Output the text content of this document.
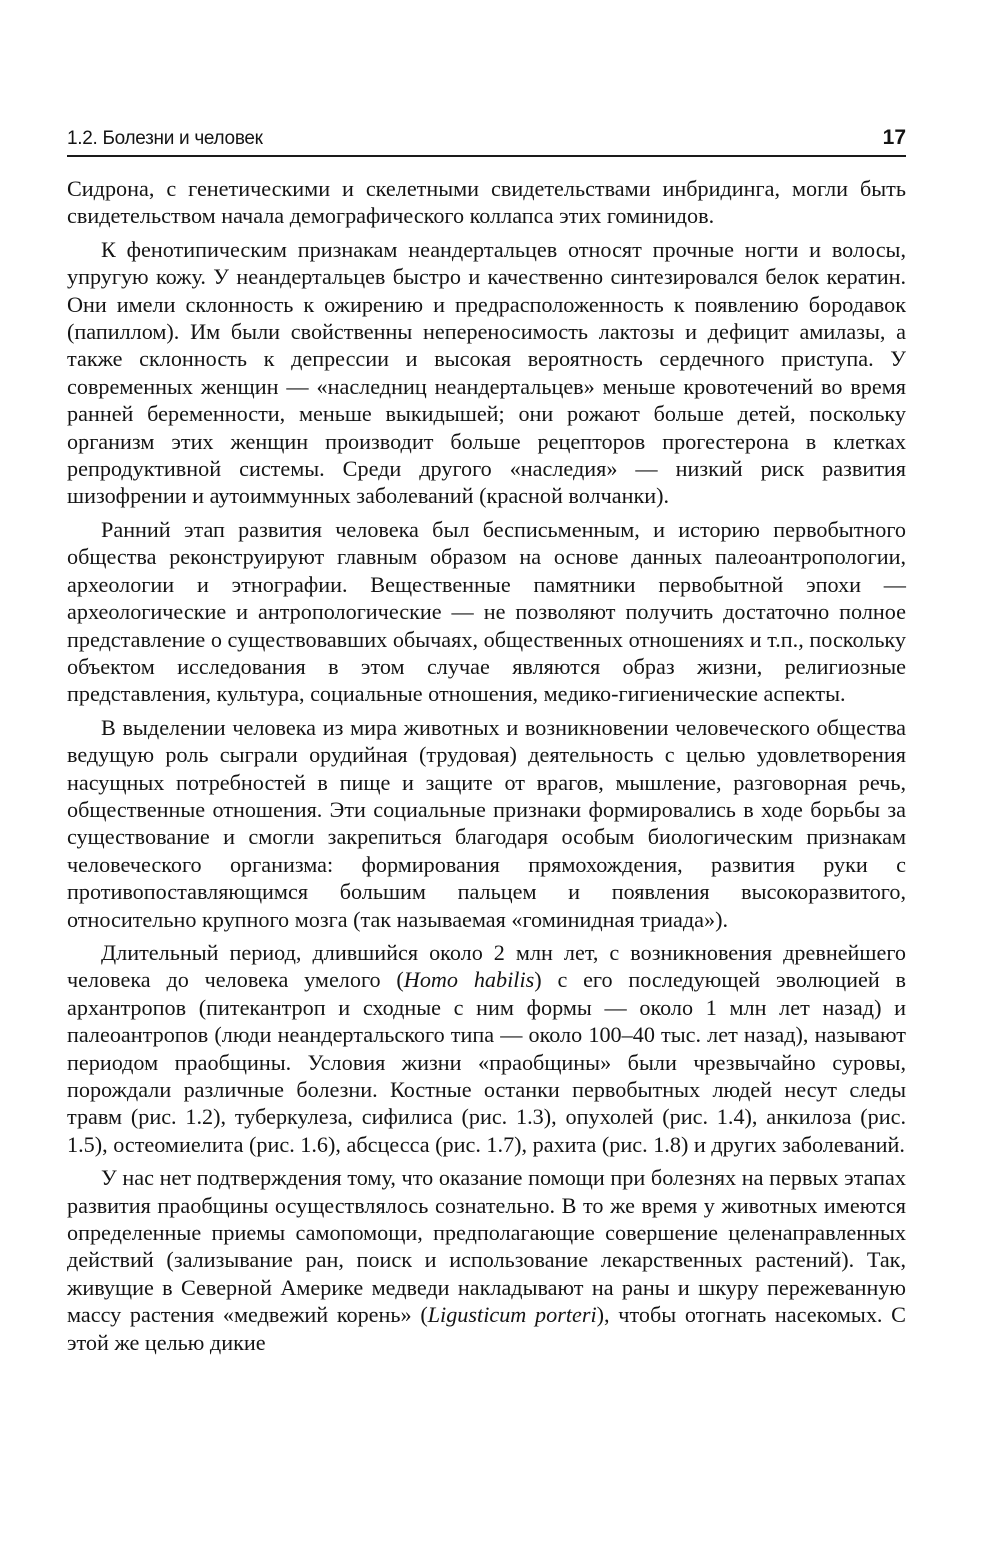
1.2. Болезни и человек	17

Сидрона, с генетическими и скелетными свидетельствами инбридинга, могли быть свидетельством начала демографического коллапса этих гоминидов.

К фенотипическим признакам неандертальцев относят прочные ногти и волосы, упругую кожу. У неандертальцев быстро и качественно синтезировался белок кератин. Они имели склонность к ожирению и предрасположенность к появлению бородавок (папиллом). Им были свойственны непереносимость лактозы и дефицит амилазы, а также склонность к депрессии и высокая вероятность сердечного приступа. У современных женщин — «наследниц неандертальцев» меньше кровотечений во время ранней беременности, меньше выкидышей; они рожают больше детей, поскольку организм этих женщин производит больше рецепторов прогестерона в клетках репродуктивной системы. Среди другого «наследия» — низкий риск развития шизофрении и аутоиммунных заболеваний (красной волчанки).

Ранний этап развития человека был бесписьменным, и историю первобытного общества реконструируют главным образом на основе данных палеоантропологии, археологии и этнографии. Вещественные памятники первобытной эпохи — археологические и антропологические — не позволяют получить достаточно полное представление о существовавших обычаях, общественных отношениях и т.п., поскольку объектом исследования в этом случае являются образ жизни, религиозные представления, культура, социальные отношения, медико-гигиенические аспекты.

В выделении человека из мира животных и возникновении человеческого общества ведущую роль сыграли орудийная (трудовая) деятельность с целью удовлетворения насущных потребностей в пище и защите от врагов, мышление, разговорная речь, общественные отношения. Эти социальные признаки формировались в ходе борьбы за существование и смогли закрепиться благодаря особым биологическим признакам человеческого организма: формирования прямохождения, развития руки с противопоставляющимся большим пальцем и появления высокоразвитого, относительно крупного мозга (так называемая «гоминидная триада»).

Длительный период, длившийся около 2 млн лет, с возникновения древнейшего человека до человека умелого (Homo habilis) с его последующей эволюцией в архантропов (питекантроп и сходные с ним формы — около 1 млн лет назад) и палеоантропов (люди неандертальского типа — около 100–40 тыс. лет назад), называют периодом праобщины. Условия жизни «праобщины» были чрезвычайно суровы, порождали различные болезни. Костные останки первобытных людей несут следы травм (рис. 1.2), туберкулеза, сифилиса (рис. 1.3), опухолей (рис. 1.4), анкилоза (рис. 1.5), остеомиелита (рис. 1.6), абсцесса (рис. 1.7), рахита (рис. 1.8) и других заболеваний.

У нас нет подтверждения тому, что оказание помощи при болезнях на первых этапах развития праобщины осуществлялось сознательно. В то же время у животных имеются определенные приемы самопомощи, предполагающие совершение целенаправленных действий (зализывание ран, поиск и использование лекарственных растений). Так, живущие в Северной Америке медведи накладывают на раны и шкуру пережеванную массу растения «медвежий корень» (Ligusticum porteri), чтобы отогнать насекомых. С этой же целью дикие
